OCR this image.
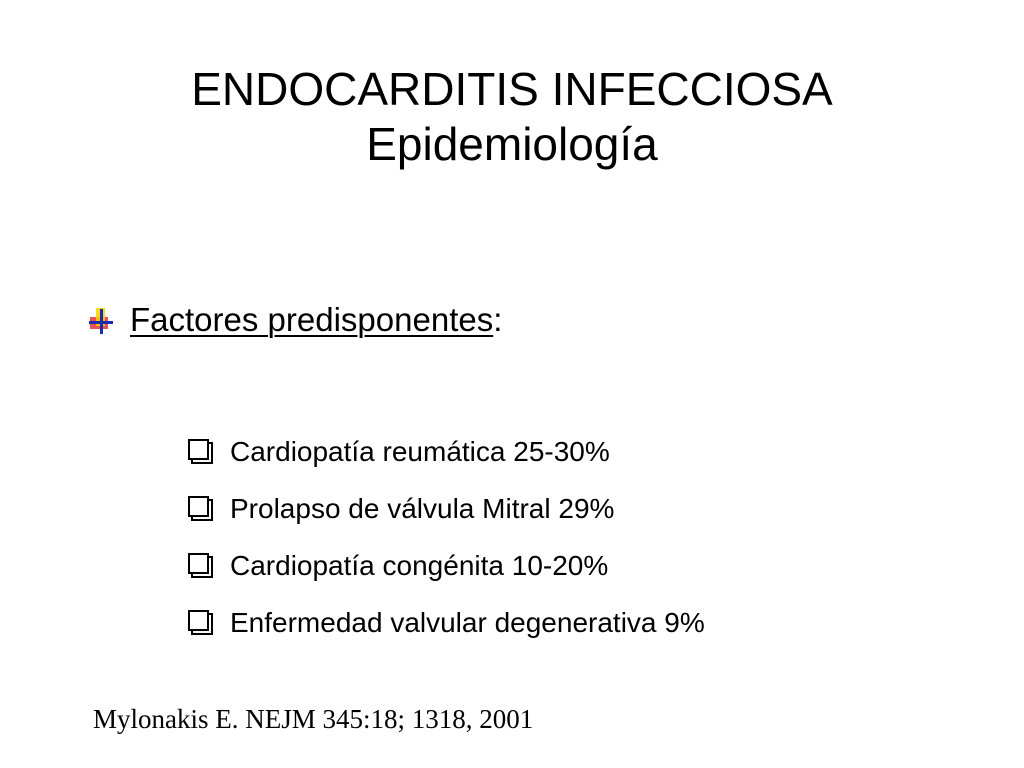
ENDOCARDITIS INFECCIOSA
Epidemiología
Factores predisponentes :
Cardiopatía reumática 25-30%
Prolapso de válvula Mitral 29%
Cardiopatía congénita 10-20%
Enfermedad valvular degenerativa 9%
Mylonakis E. NEJM 345:18; 1318, 2001
